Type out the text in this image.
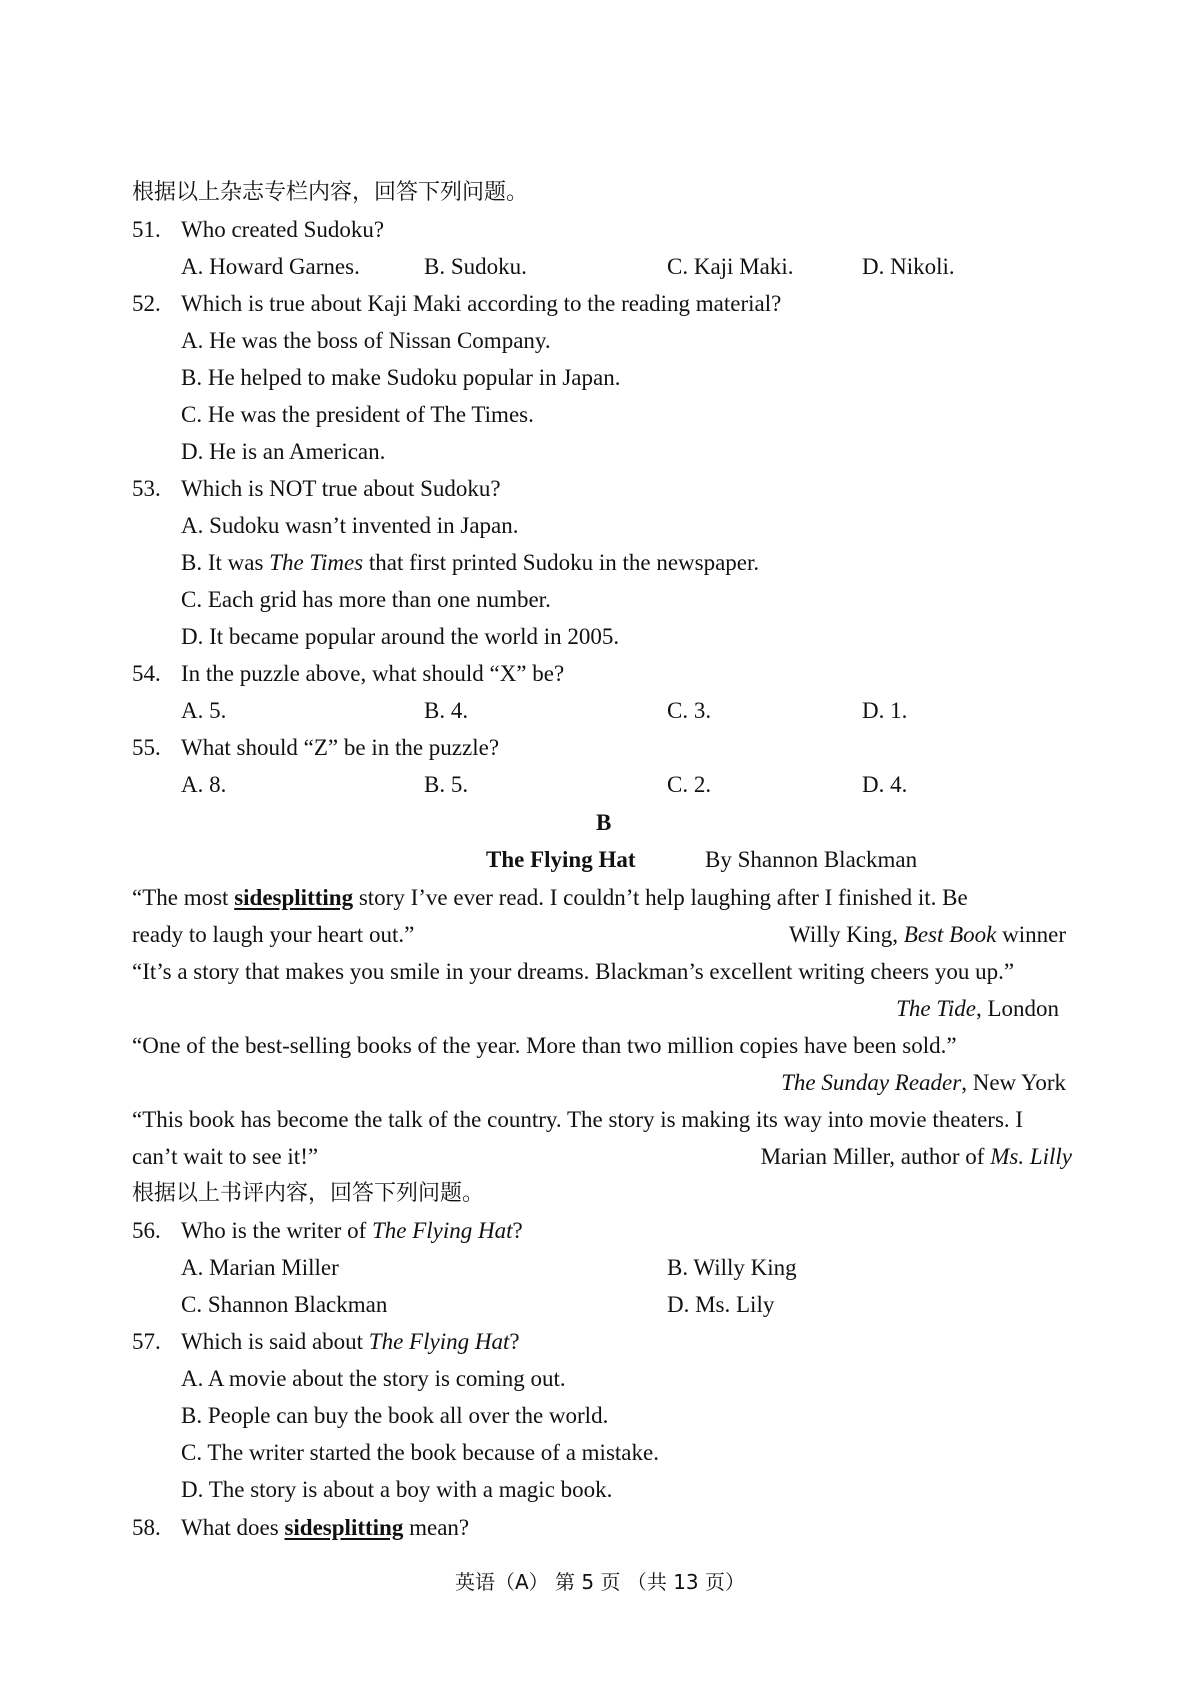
根据以上杂志专栏内容，回答下列问题。
51. Who created Sudoku?
A. Howard Garnes.	B. Sudoku.	C. Kaji Maki.	D. Nikoli.
52. Which is true about Kaji Maki according to the reading material?
A. He was the boss of Nissan Company.
B. He helped to make Sudoku popular in Japan.
C. He was the president of The Times.
D. He is an American.
53. Which is NOT true about Sudoku?
A. Sudoku wasn’t invented in Japan.
B. It was The Times that first printed Sudoku in the newspaper.
C. Each grid has more than one number.
D. It became popular around the world in 2005.
54. In the puzzle above, what should “X” be?
A. 5.	B. 4.	C. 3.	D. 1.
55. What should “Z” be in the puzzle?
A. 8.	B. 5.	C. 2.	D. 4.
B
The Flying Hat	By Shannon Blackman
“The most sidesplitting story I’ve ever read. I couldn’t help laughing after I finished it. Be
ready to laugh your heart out.”	Willy King, Best Book winner
“It’s a story that makes you smile in your dreams. Blackman’s excellent writing cheers you up.”
The Tide, London
“One of the best-selling books of the year. More than two million copies have been sold.”
The Sunday Reader, New York
“This book has become the talk of the country. The story is making its way into movie theaters. I
can’t wait to see it!”	Marian Miller, author of Ms. Lilly
根据以上书评内容，回答下列问题。
56. Who is the writer of The Flying Hat?
A. Marian Miller	B. Willy King
C. Shannon Blackman	D. Ms. Lily
57. Which is said about The Flying Hat?
A. A movie about the story is coming out.
B. People can buy the book all over the world.
C. The writer started the book because of a mistake.
D. The story is about a boy with a magic book.
58. What does sidesplitting mean?
英语（A） 第 5 页 （共 13 页）
